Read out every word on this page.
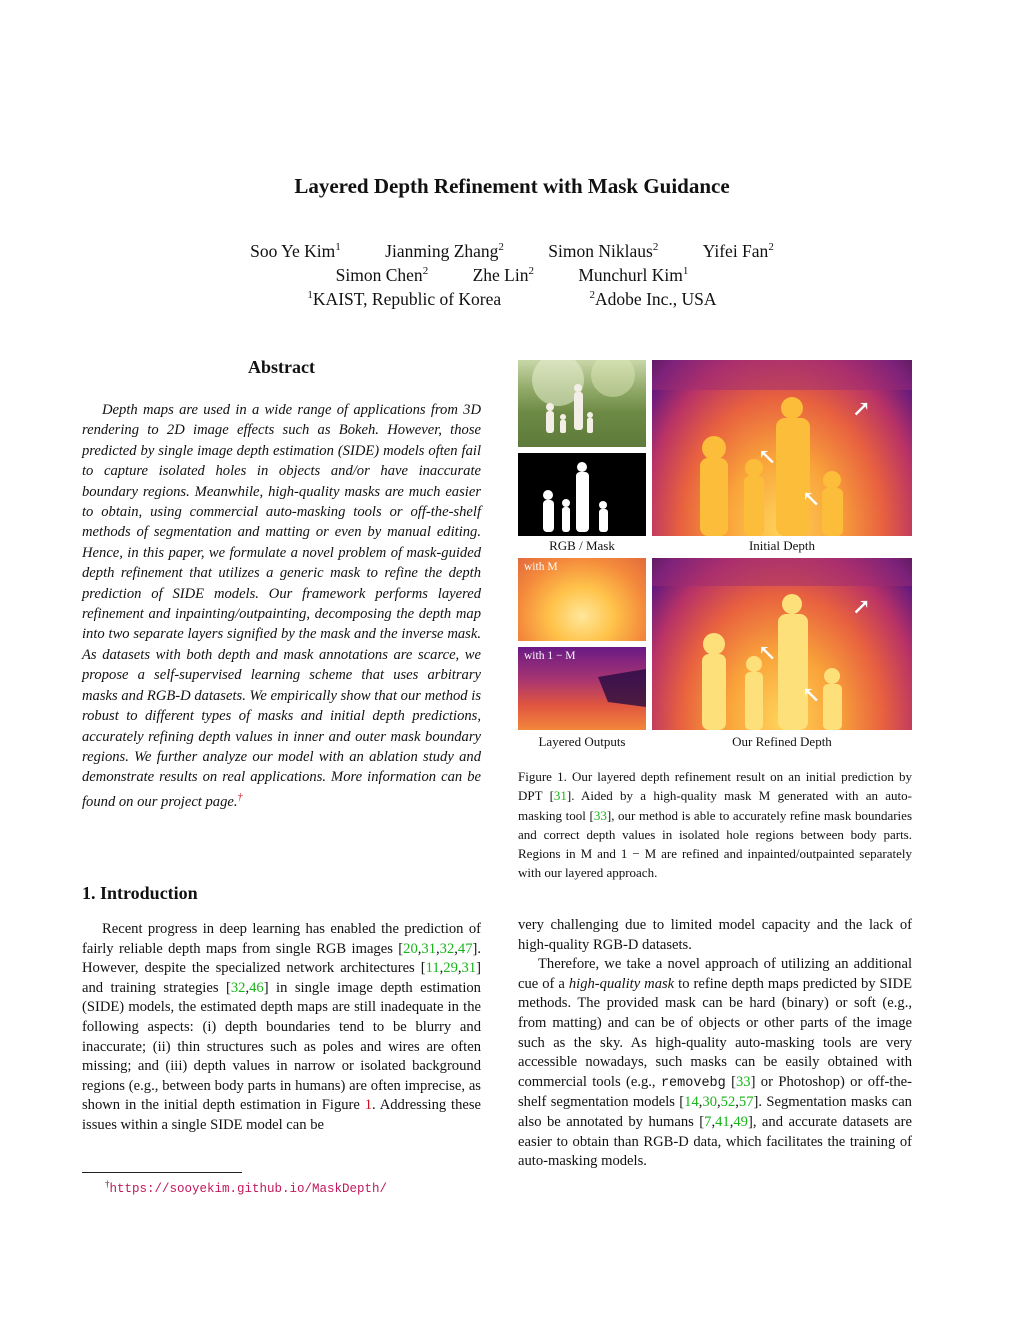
Layered Depth Refinement with Mask Guidance
Soo Ye Kim$^1$	Jianming Zhang$^2$	Simon Niklaus$^2$	Yifei Fan$^2$
Simon Chen$^2$	Zhe Lin$^2$	Munchurl Kim$^1$
$^1$KAIST, Republic of Korea	$^2$Adobe Inc., USA
Abstract
Depth maps are used in a wide range of applications from 3D rendering to 2D image effects such as Bokeh. However, those predicted by single image depth estimation (SIDE) models often fail to capture isolated holes in objects and/or have inaccurate boundary regions. Meanwhile, high-quality masks are much easier to obtain, using commercial auto-masking tools or off-the-shelf methods of segmentation and matting or even by manual editing. Hence, in this paper, we formulate a novel problem of mask-guided depth refinement that utilizes a generic mask to refine the depth prediction of SIDE models. Our framework performs layered refinement and inpainting/outpainting, decomposing the depth map into two separate layers signified by the mask and the inverse mask. As datasets with both depth and mask annotations are scarce, we propose a self-supervised learning scheme that uses arbitrary masks and RGB-D datasets. We empirically show that our method is robust to different types of masks and initial depth predictions, accurately refining depth values in inner and outer mask boundary regions. We further analyze our model with an ablation study and demonstrate results on real applications. More information can be found on our project page.†
1. Introduction

Recent progress in deep learning has enabled the prediction of fairly reliable depth maps from single RGB images [20,31,32,47]. However, despite the specialized network architectures [11,29,31] and training strategies [32,46] in single image depth estimation (SIDE) models, the estimated depth maps are still inadequate in the following aspects: (i) depth boundaries tend to be blurry and inaccurate; (ii) thin structures such as poles and wires are often missing; and (iii) depth values in narrow or isolated background regions (e.g., between body parts in humans) are often imprecise, as shown in the initial depth estimation in Figure 1. Addressing these issues within a single SIDE model can be

†https://sooyekim.github.io/MaskDepth/

very challenging due to limited model capacity and the lack of high-quality RGB-D datasets.

Therefore, we take a novel approach of utilizing an additional cue of a high-quality mask to refine depth maps predicted by SIDE methods. The provided mask can be hard (binary) or soft (e.g., from matting) and can be of objects or other parts of the image such as the sky. As high-quality auto-masking tools are very accessible nowadays, such masks can be easily obtained with commercial tools (e.g., removebg [33] or Photoshop) or off-the-shelf segmentation models [14,30,52,57]. Segmentation masks can also be annotated by humans [7,41,49], and accurate datasets are easier to obtain than RGB-D data, which facilitates the training of auto-masking models.

RGB / Mask
↗
↖
↖
Initial Depth
with M
with 1 − M
Layered Outputs
↗
↖
↖
Our Refined Depth
Figure 1. Our layered depth refinement result on an initial prediction by DPT [31]. Aided by a high-quality mask M generated with an auto-masking tool [33], our method is able to accurately refine mask boundaries and correct depth values in isolated hole regions between body parts. Regions in M and 1 − M are refined and inpainted/outpainted separately with our layered approach.
